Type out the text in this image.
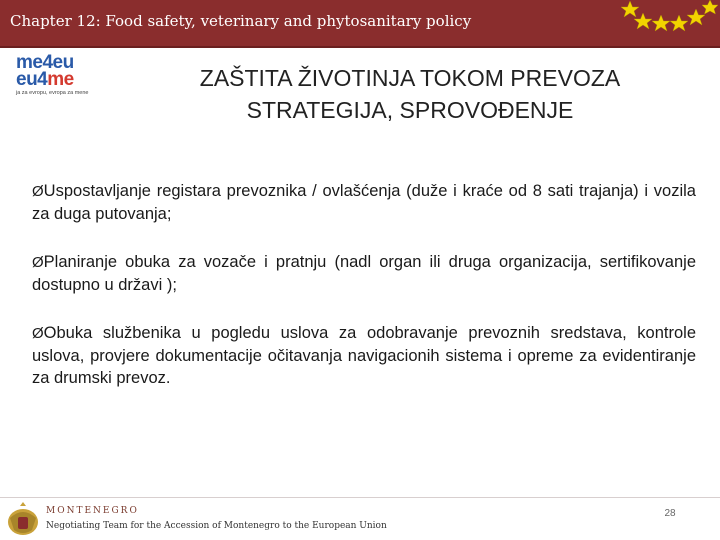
Chapter 12: Food safety, veterinary and phytosanitary policy
me4eu
eu4me
ja za evropu, evropa za mene
ZAŠTITA ŽIVOTINJA TOKOM PREVOZA
STRATEGIJA, SPROVOĐENJE

ØUspostavljanje registara prevoznika / ovlašćenja (duže i kraće od 8 sati trajanja) i vozila za duga putovanja;

ØPlaniranje obuka za vozače i pratnju (nadl organ ili druga organizacija, sertifikovanje dostupno u državi );

ØObuka službenika u pogledu uslova za odobravanje prevoznih sredstava, kontrole uslova, provjere dokumentacije očitavanja navigacionih sistema i opreme za evidentiranje za drumski prevoz.

MONTENEGRO
Negotiating Team for the Accession of Montenegro to the European Union
28
